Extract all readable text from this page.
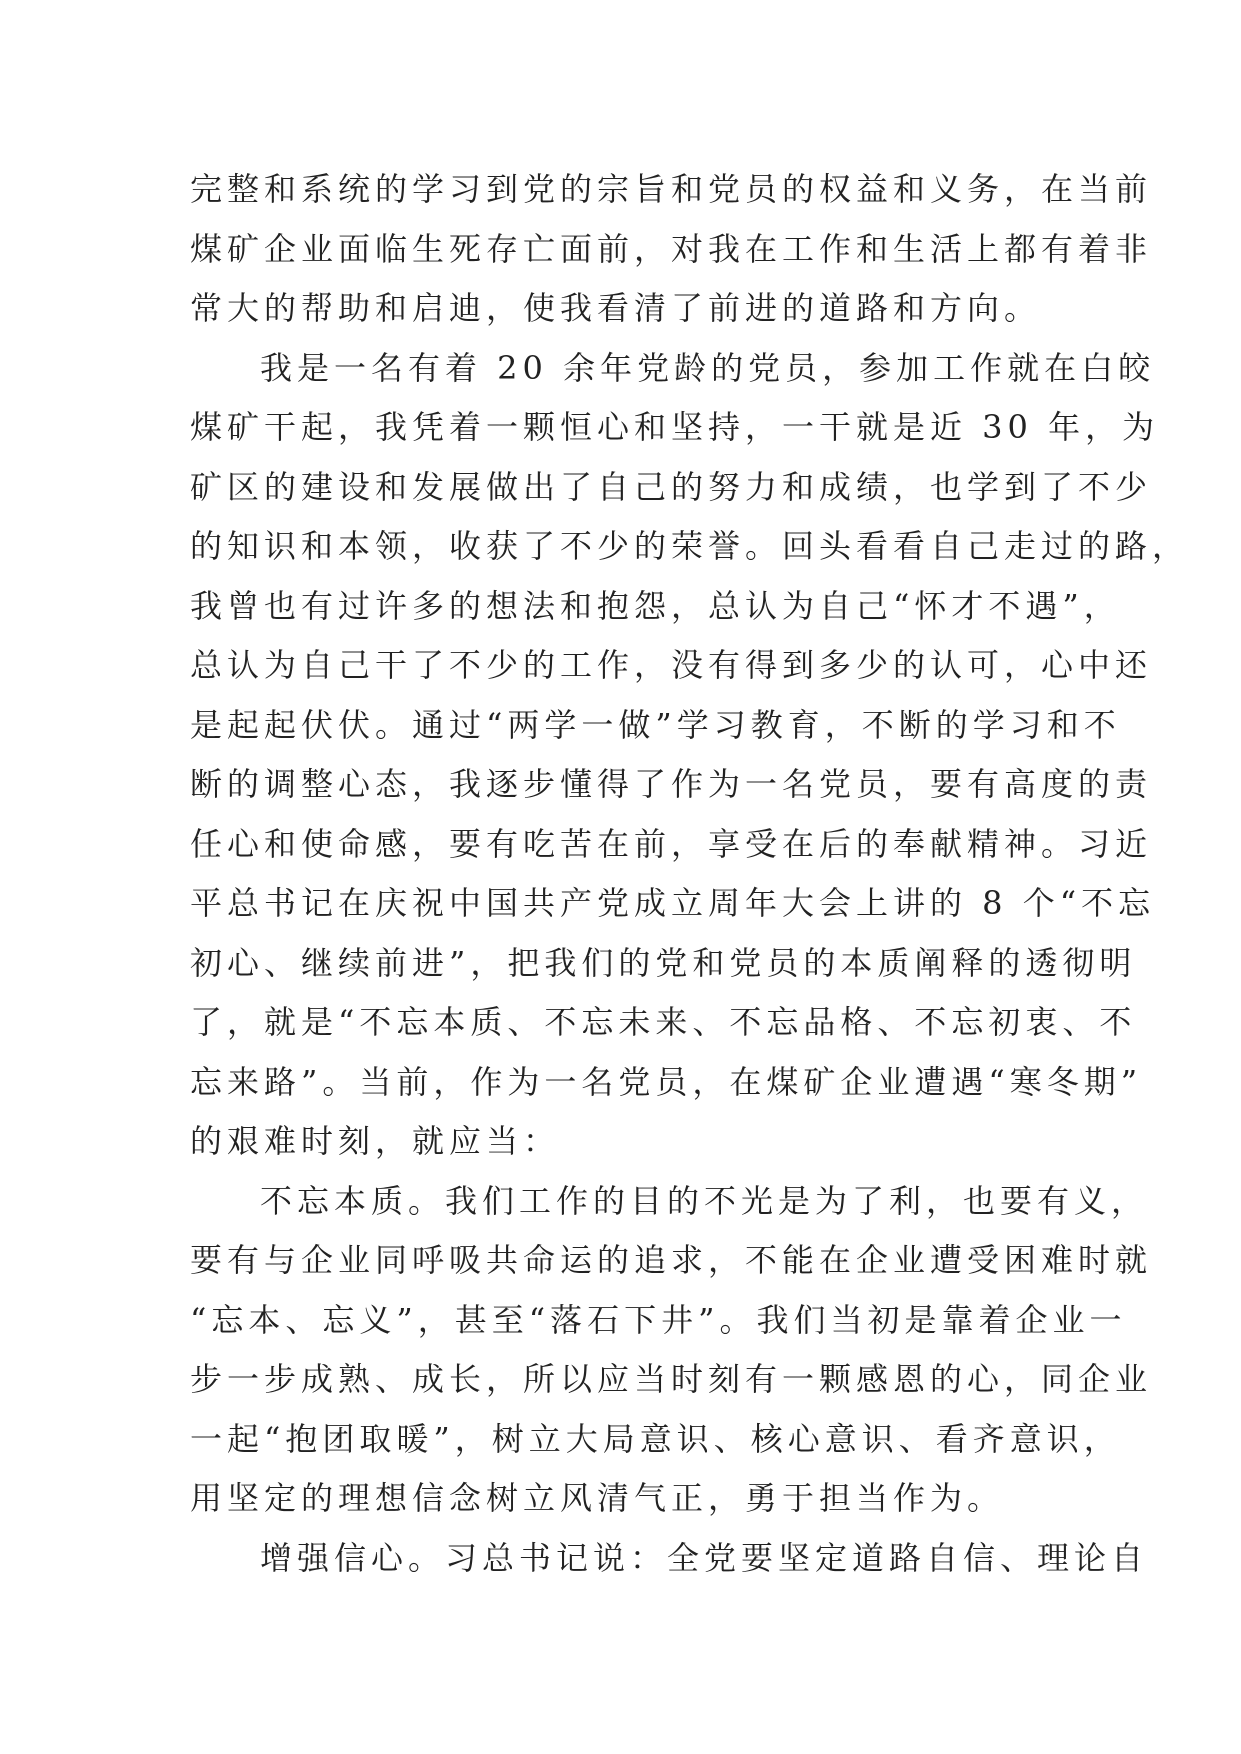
完整和系统的学习到党的宗旨和党员的权益和义务，在当前
煤矿企业面临生死存亡面前，对我在工作和生活上都有着非
常大的帮助和启迪，使我看清了前进的道路和方向。
我是一名有着 20 余年党龄的党员，参加工作就在白皎
煤矿干起，我凭着一颗恒心和坚持，一干就是近 30 年，为
矿区的建设和发展做出了自己的努力和成绩，也学到了不少
的知识和本领，收获了不少的荣誉。回头看看自己走过的路，
我曾也有过许多的想法和抱怨，总认为自己“怀才不遇”，
总认为自己干了不少的工作，没有得到多少的认可，心中还
是起起伏伏。通过“两学一做”学习教育，不断的学习和不
断的调整心态，我逐步懂得了作为一名党员，要有高度的责
任心和使命感，要有吃苦在前，享受在后的奉献精神。习近
平总书记在庆祝中国共产党成立周年大会上讲的 8 个“不忘
初心、继续前进”，把我们的党和党员的本质阐释的透彻明
了，就是“不忘本质、不忘未来、不忘品格、不忘初衷、不
忘来路”。当前，作为一名党员，在煤矿企业遭遇“寒冬期”
的艰难时刻，就应当：
不忘本质。我们工作的目的不光是为了利，也要有义，
要有与企业同呼吸共命运的追求，不能在企业遭受困难时就
“忘本、忘义”，甚至“落石下井”。我们当初是靠着企业一
步一步成熟、成长，所以应当时刻有一颗感恩的心，同企业
一起“抱团取暖”，树立大局意识、核心意识、看齐意识，
用坚定的理想信念树立风清气正，勇于担当作为。
增强信心。习总书记说：全党要坚定道路自信、理论自
